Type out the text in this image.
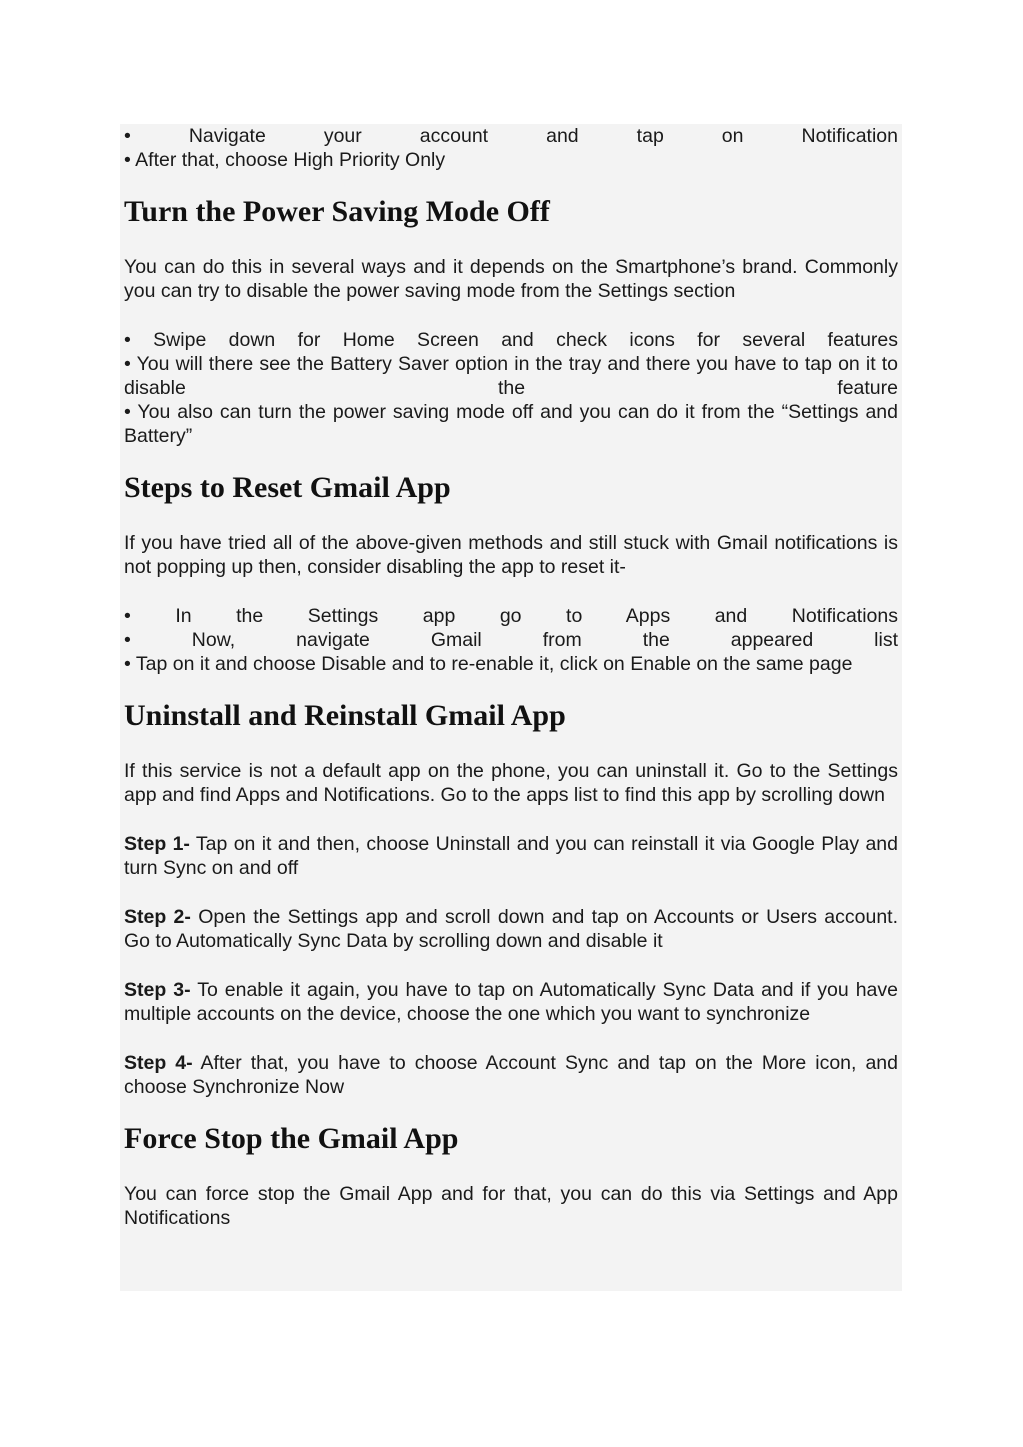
• Navigate your account and tap on Notification
• After that, choose High Priority Only

Turn the Power Saving Mode Off

You can do this in several ways and it depends on the Smartphone’s brand. Commonly you can try to disable the power saving mode from the Settings section

• Swipe down for Home Screen and check icons for several features
• You will there see the Battery Saver option in the tray and there you have to tap on it to disable the feature
• You also can turn the power saving mode off and you can do it from the “Settings and Battery”

Steps to Reset Gmail App

If you have tried all of the above-given methods and still stuck with Gmail notifications is not popping up then, consider disabling the app to reset it-

• In the Settings app go to Apps and Notifications
• Now, navigate Gmail from the appeared list
• Tap on it and choose Disable and to re-enable it, click on Enable on the same page

Uninstall and Reinstall Gmail App

If this service is not a default app on the phone, you can uninstall it. Go to the Settings app and find Apps and Notifications. Go to the apps list to find this app by scrolling down

Step 1- Tap on it and then, choose Uninstall and you can reinstall it via Google Play and turn Sync on and off

Step 2- Open the Settings app and scroll down and tap on Accounts or Users account. Go to Automatically Sync Data by scrolling down and disable it

Step 3- To enable it again, you have to tap on Automatically Sync Data and if you have multiple accounts on the device, choose the one which you want to synchronize

Step 4- After that, you have to choose Account Sync and tap on the More icon, and choose Synchronize Now

Force Stop the Gmail App

You can force stop the Gmail App and for that, you can do this via Settings and App Notifications
